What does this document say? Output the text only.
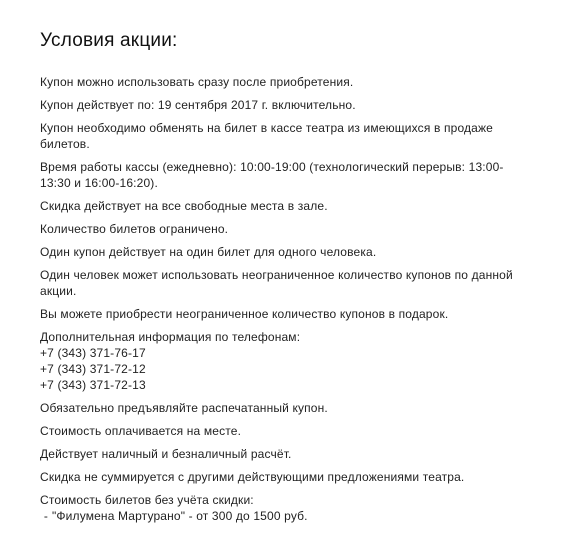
Условия акции:

Купон можно использовать сразу после приобретения.

Купон действует по: 19 сентября 2017 г. включительно.

Купон необходимо обменять на билет в кассе театра из имеющихся в продаже билетов.

Время работы кассы (ежедневно): 10:00-19:00 (технологический перерыв: 13:00-13:30 и 16:00-16:20).

Скидка действует на все свободные места в зале.

Количество билетов ограничено.

Один купон действует на один билет для одного человека.

Один человек может использовать неограниченное количество купонов по данной акции.

Вы можете приобрести неограниченное количество купонов в подарок.

Дополнительная информация по телефонам:
+7 (343) 371-76-17
+7 (343) 371-72-12
+7 (343) 371-72-13

Обязательно предъявляйте распечатанный купон.

Стоимость оплачивается на месте.

Действует наличный и безналичный расчёт.

Скидка не суммируется с другими действующими предложениями театра.

Стоимость билетов без учёта скидки:
- "Филумена Мартурано" - от 300 до 1500 руб.
